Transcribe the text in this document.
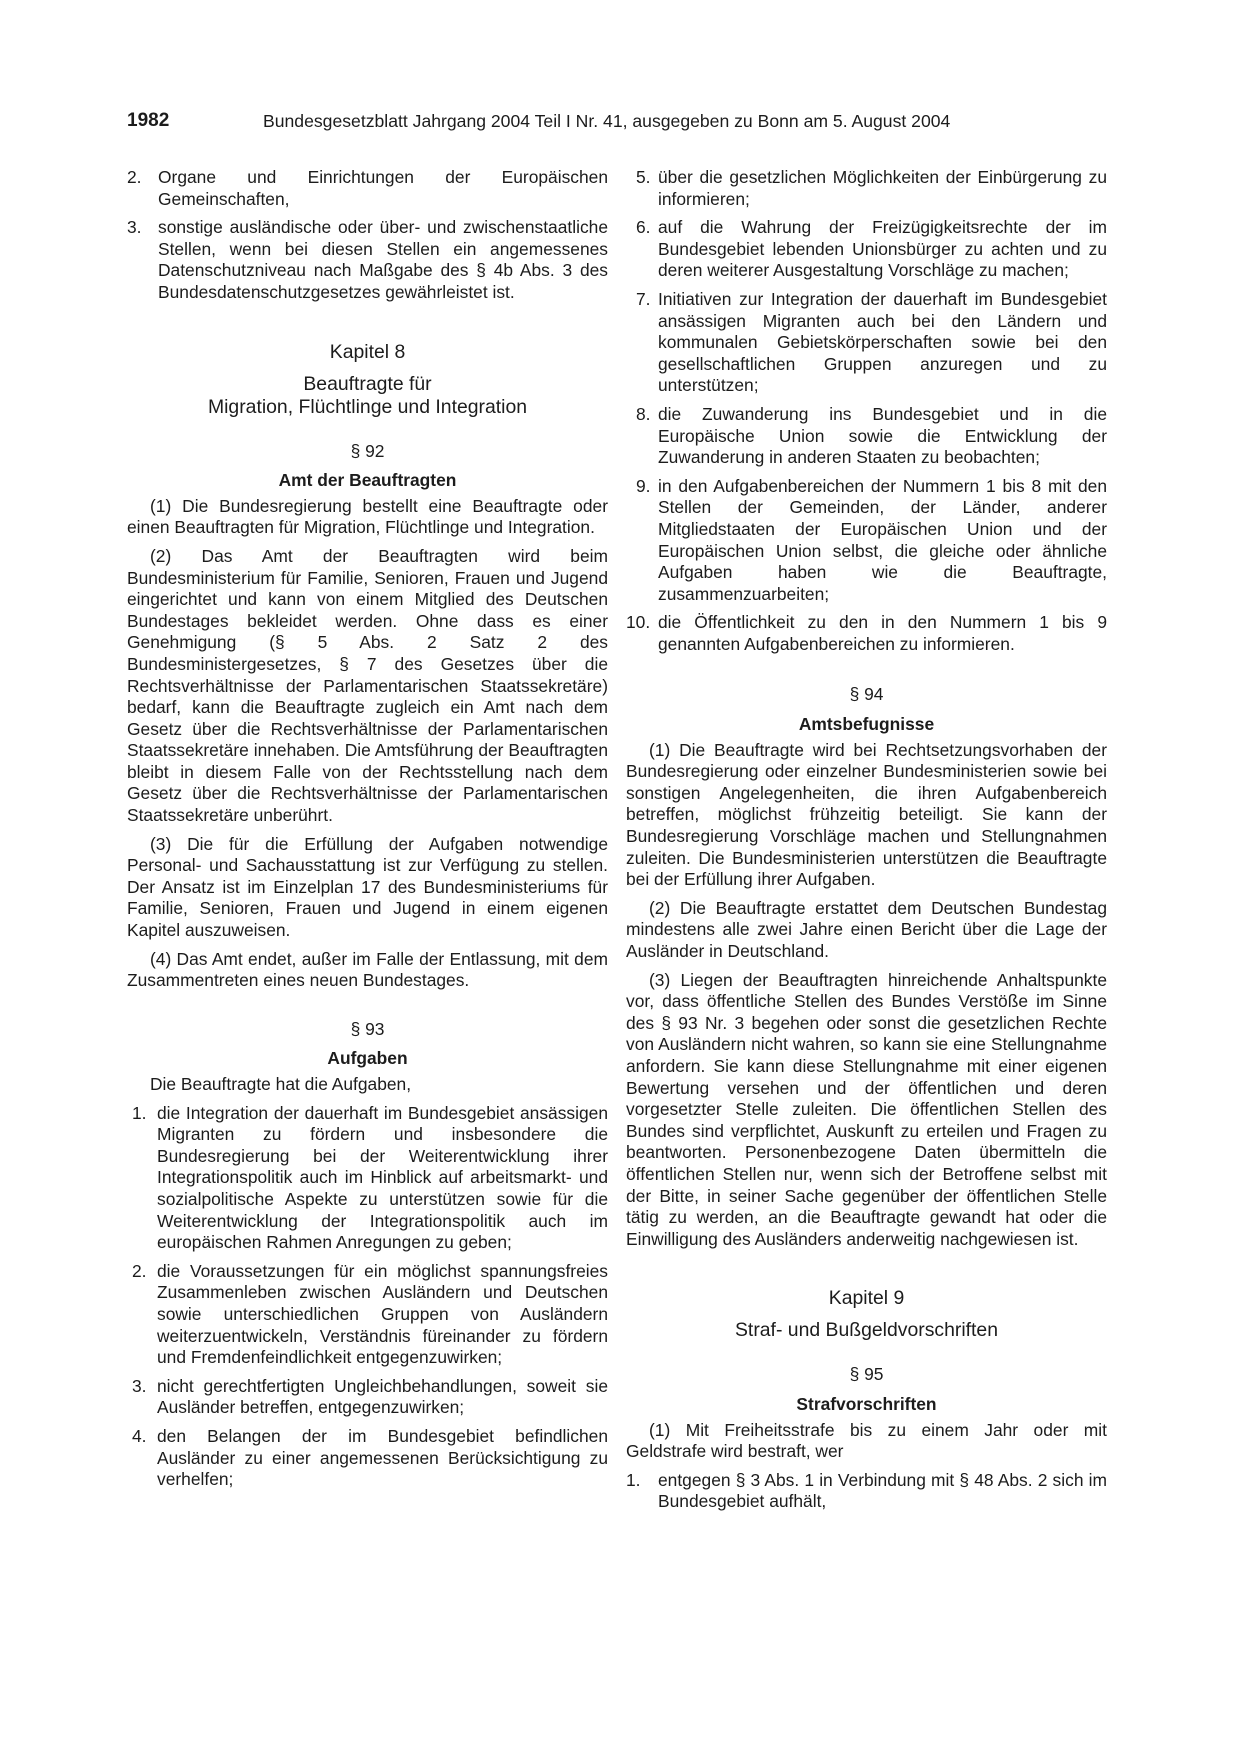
1982	Bundesgesetzblatt Jahrgang 2004 Teil I Nr. 41, ausgegeben zu Bonn am 5. August 2004
2. Organe und Einrichtungen der Europäischen Gemeinschaften,
3. sonstige ausländische oder über- und zwischenstaatliche Stellen, wenn bei diesen Stellen ein angemessenes Datenschutzniveau nach Maßgabe des § 4b Abs. 3 des Bundesdatenschutzgesetzes gewährleistet ist.

Kapitel 8

Beauftragte für

Migration, Flüchtlinge und Integration

§ 92

Amt der Beauftragten

(1) Die Bundesregierung bestellt eine Beauftragte oder einen Beauftragten für Migration, Flüchtlinge und Integration.

(2) Das Amt der Beauftragten wird beim Bundesministerium für Familie, Senioren, Frauen und Jugend eingerichtet und kann von einem Mitglied des Deutschen Bundestages bekleidet werden. Ohne dass es einer Genehmigung (§ 5 Abs. 2 Satz 2 des Bundesministergesetzes, § 7 des Gesetzes über die Rechtsverhältnisse der Parlamentarischen Staatssekretäre) bedarf, kann die Beauftragte zugleich ein Amt nach dem Gesetz über die Rechtsverhältnisse der Parlamentarischen Staatssekretäre innehaben. Die Amtsführung der Beauftragten bleibt in diesem Falle von der Rechtsstellung nach dem Gesetz über die Rechtsverhältnisse der Parlamentarischen Staatssekretäre unberührt.

(3) Die für die Erfüllung der Aufgaben notwendige Personal- und Sachausstattung ist zur Verfügung zu stellen. Der Ansatz ist im Einzelplan 17 des Bundesministeriums für Familie, Senioren, Frauen und Jugend in einem eigenen Kapitel auszuweisen.

(4) Das Amt endet, außer im Falle der Entlassung, mit dem Zusammentreten eines neuen Bundestages.

§ 93

Aufgaben

Die Beauftragte hat die Aufgaben,

1. die Integration der dauerhaft im Bundesgebiet ansässigen Migranten zu fördern und insbesondere die Bundesregierung bei der Weiterentwicklung ihrer Integrationspolitik auch im Hinblick auf arbeitsmarkt- und sozialpolitische Aspekte zu unterstützen sowie für die Weiterentwicklung der Integrationspolitik auch im europäischen Rahmen Anregungen zu geben;
2. die Voraussetzungen für ein möglichst spannungsfreies Zusammenleben zwischen Ausländern und Deutschen sowie unterschiedlichen Gruppen von Ausländern weiterzuentwickeln, Verständnis füreinander zu fördern und Fremdenfeindlichkeit entgegenzuwirken;
3. nicht gerechtfertigten Ungleichbehandlungen, soweit sie Ausländer betreffen, entgegenzuwirken;
4. den Belangen der im Bundesgebiet befindlichen Ausländer zu einer angemessenen Berücksichtigung zu verhelfen;
5. über die gesetzlichen Möglichkeiten der Einbürgerung zu informieren;
6. auf die Wahrung der Freizügigkeitsrechte der im Bundesgebiet lebenden Unionsbürger zu achten und zu deren weiterer Ausgestaltung Vorschläge zu machen;
7. Initiativen zur Integration der dauerhaft im Bundesgebiet ansässigen Migranten auch bei den Ländern und kommunalen Gebietskörperschaften sowie bei den gesellschaftlichen Gruppen anzuregen und zu unterstützen;
8. die Zuwanderung ins Bundesgebiet und in die Europäische Union sowie die Entwicklung der Zuwanderung in anderen Staaten zu beobachten;
9. in den Aufgabenbereichen der Nummern 1 bis 8 mit den Stellen der Gemeinden, der Länder, anderer Mitgliedstaaten der Europäischen Union und der Europäischen Union selbst, die gleiche oder ähnliche Aufgaben haben wie die Beauftragte, zusammenzuarbeiten;
10. die Öffentlichkeit zu den in den Nummern 1 bis 9 genannten Aufgabenbereichen zu informieren.

§ 94

Amtsbefugnisse

(1) Die Beauftragte wird bei Rechtsetzungsvorhaben der Bundesregierung oder einzelner Bundesministerien sowie bei sonstigen Angelegenheiten, die ihren Aufgabenbereich betreffen, möglichst frühzeitig beteiligt. Sie kann der Bundesregierung Vorschläge machen und Stellungnahmen zuleiten. Die Bundesministerien unterstützen die Beauftragte bei der Erfüllung ihrer Aufgaben.

(2) Die Beauftragte erstattet dem Deutschen Bundestag mindestens alle zwei Jahre einen Bericht über die Lage der Ausländer in Deutschland.

(3) Liegen der Beauftragten hinreichende Anhaltspunkte vor, dass öffentliche Stellen des Bundes Verstöße im Sinne des § 93 Nr. 3 begehen oder sonst die gesetzlichen Rechte von Ausländern nicht wahren, so kann sie eine Stellungnahme anfordern. Sie kann diese Stellungnahme mit einer eigenen Bewertung versehen und der öffentlichen und deren vorgesetzter Stelle zuleiten. Die öffentlichen Stellen des Bundes sind verpflichtet, Auskunft zu erteilen und Fragen zu beantworten. Personenbezogene Daten übermitteln die öffentlichen Stellen nur, wenn sich der Betroffene selbst mit der Bitte, in seiner Sache gegenüber der öffentlichen Stelle tätig zu werden, an die Beauftragte gewandt hat oder die Einwilligung des Ausländers anderweitig nachgewiesen ist.

Kapitel 9

Straf- und Bußgeldvorschriften

§ 95

Strafvorschriften

(1) Mit Freiheitsstrafe bis zu einem Jahr oder mit Geldstrafe wird bestraft, wer

1.	entgegen § 3 Abs. 1 in Verbindung mit § 48 Abs. 2 sich im Bundesgebiet aufhält,
